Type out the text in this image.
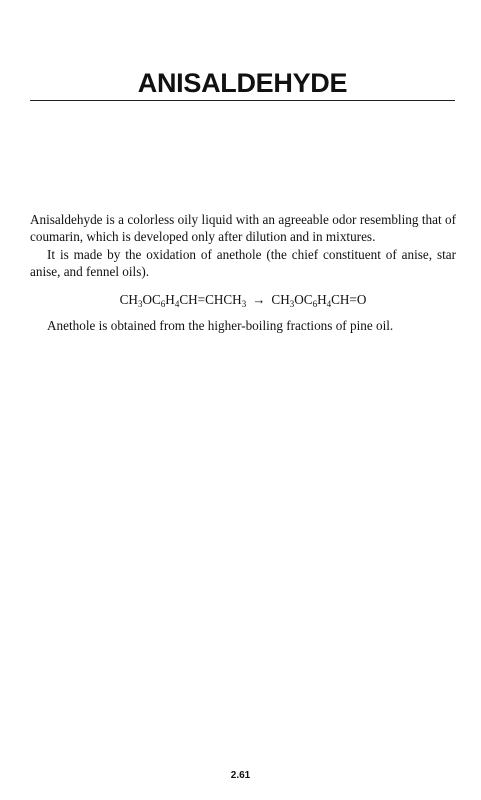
ANISALDEHYDE

Anisaldehyde is a colorless oily liquid with an agreeable odor resembling that of coumarin, which is developed only after dilution and in mixtures.

It is made by the oxidation of anethole (the chief constituent of anise, star anise, and fennel oils).

$CH_3OC_6H_4CH=CHCH_3 \to CH_3OC_6H_4CH=O$

Anethole is obtained from the higher-boiling fractions of pine oil.

2.61
